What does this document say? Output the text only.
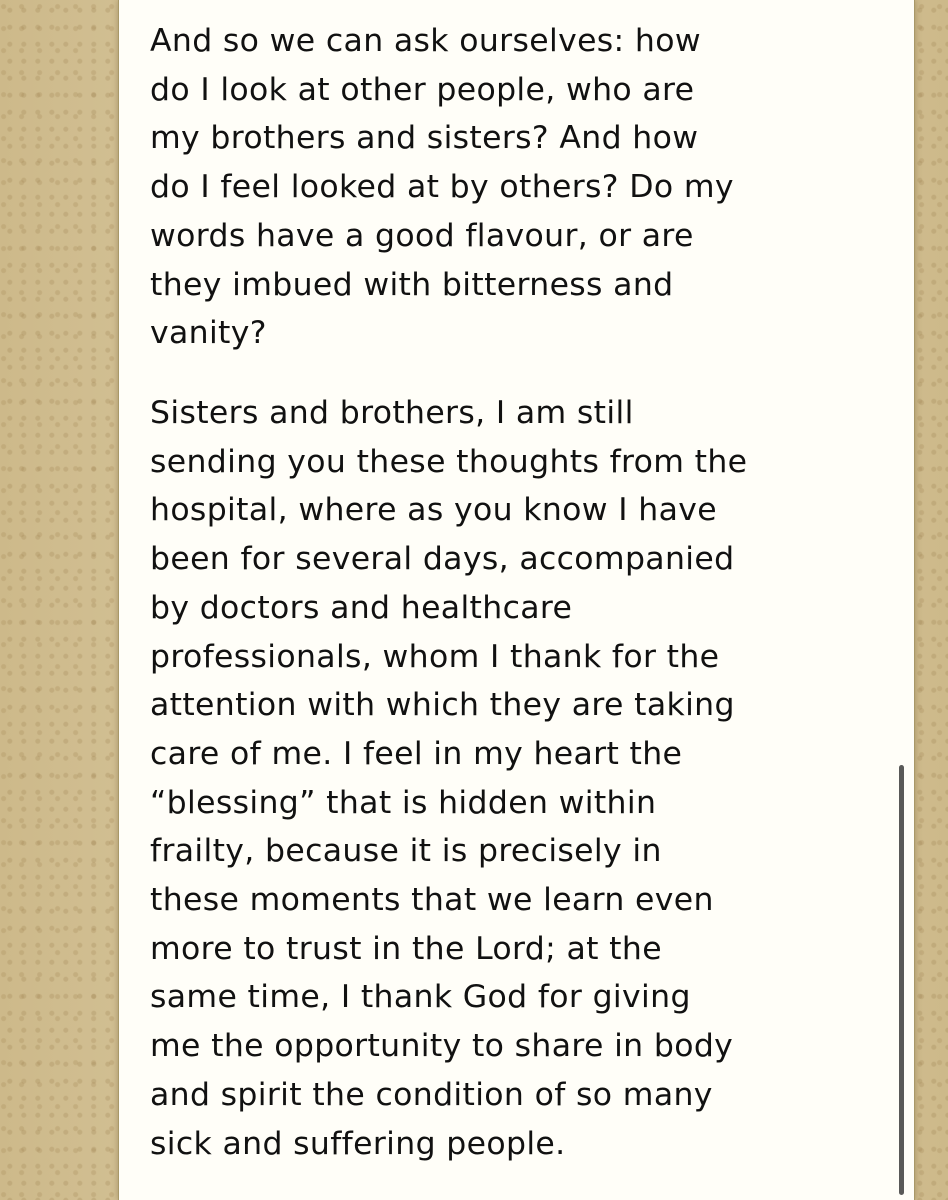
And so we can ask ourselves: how
do I look at other people, who are
my brothers and sisters? And how
do I feel looked at by others? Do my
words have a good flavour, or are
they imbued with bitterness and
vanity?

Sisters and brothers, I am still
sending you these thoughts from the
hospital, where as you know I have
been for several days, accompanied
by doctors and healthcare
professionals, whom I thank for the
attention with which they are taking
care of me. I feel in my heart the
“blessing” that is hidden within
frailty, because it is precisely in
these moments that we learn even
more to trust in the Lord; at the
same time, I thank God for giving
me the opportunity to share in body
and spirit the condition of so many
sick and suffering people.
